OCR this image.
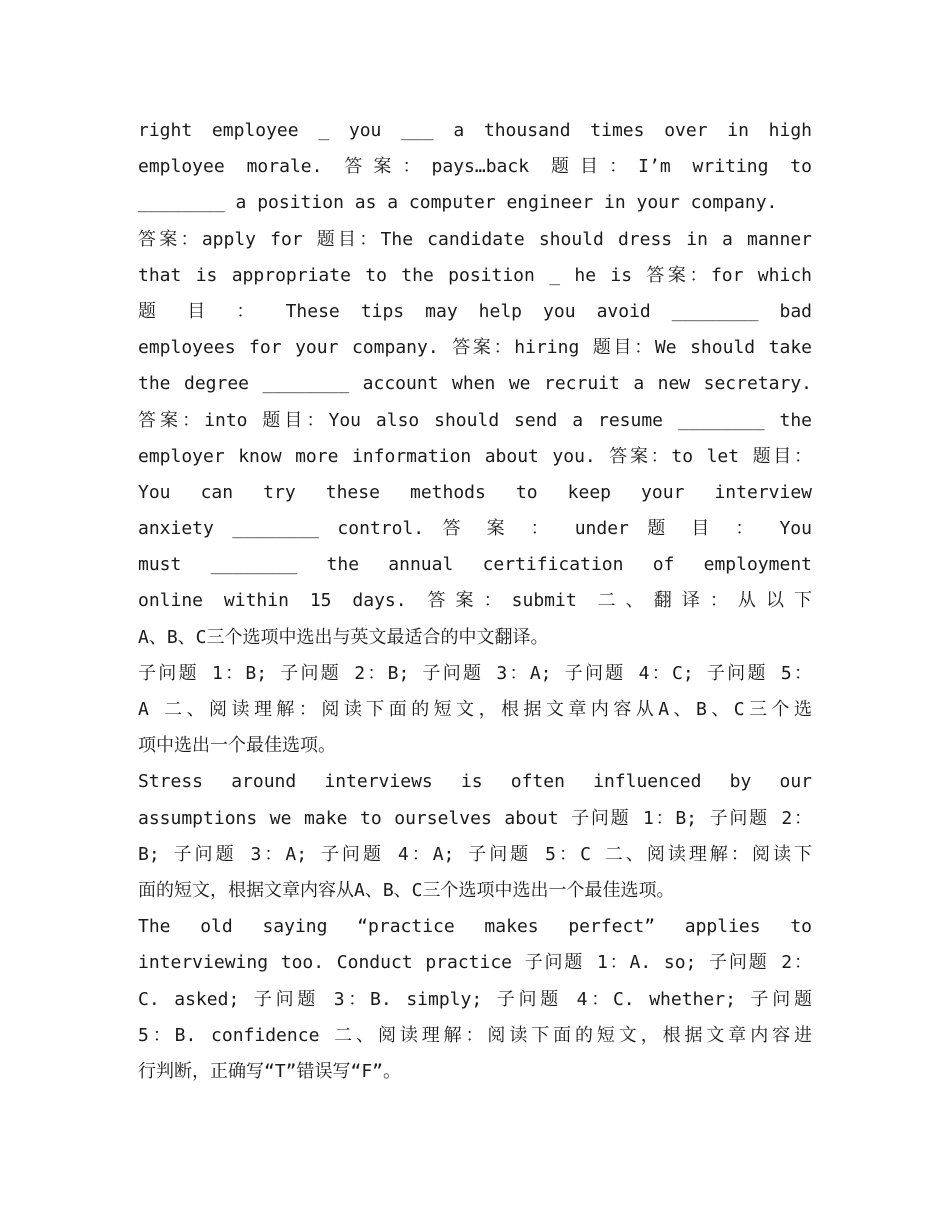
right employee _ you ___ a thousand times over in high
employee morale. 答案：pays…back 题目：I’m writing to
________ a position as a computer engineer in your company.
答案：apply for 题目：The candidate should dress in a manner
that is appropriate to the position _ he is 答案：for which
题 目 ： These tips may help you avoid ________ bad
employees for your company. 答案：hiring 题目：We should take
the degree ________ account when we recruit a new secretary.
答案：into 题目：You also should send a resume ________ the
employer know more information about you. 答案：to let 题目：
You can try these methods to keep your interview
anxiety ________ control. 答 案 ： under 题 目 ： You
must ________ the annual certification of employment
online within 15 days. 答案：submit 二、翻译：从以下
A、B、C三个选项中选出与英文最适合的中文翻译。
子问题 1：B; 子问题 2：B; 子问题 3：A; 子问题 4：C; 子问题 5：
A 二、阅读理解：阅读下面的短文，根据文章内容从A、B、C三个选
项中选出一个最佳选项。
Stress around interviews is often influenced by our
assumptions we make to ourselves about 子问题 1：B; 子问题 2：
B; 子问题 3：A; 子问题 4：A; 子问题 5：C 二、阅读理解：阅读下
面的短文，根据文章内容从A、B、C三个选项中选出一个最佳选项。
The old saying “practice makes perfect” applies to
interviewing too. Conduct practice 子问题 1：A. so; 子问题 2：
C. asked; 子问题 3：B. simply; 子问题 4：C. whether; 子问题
5：B. confidence 二、阅读理解：阅读下面的短文，根据文章内容进
行判断，正确写“T”错误写“F”。
